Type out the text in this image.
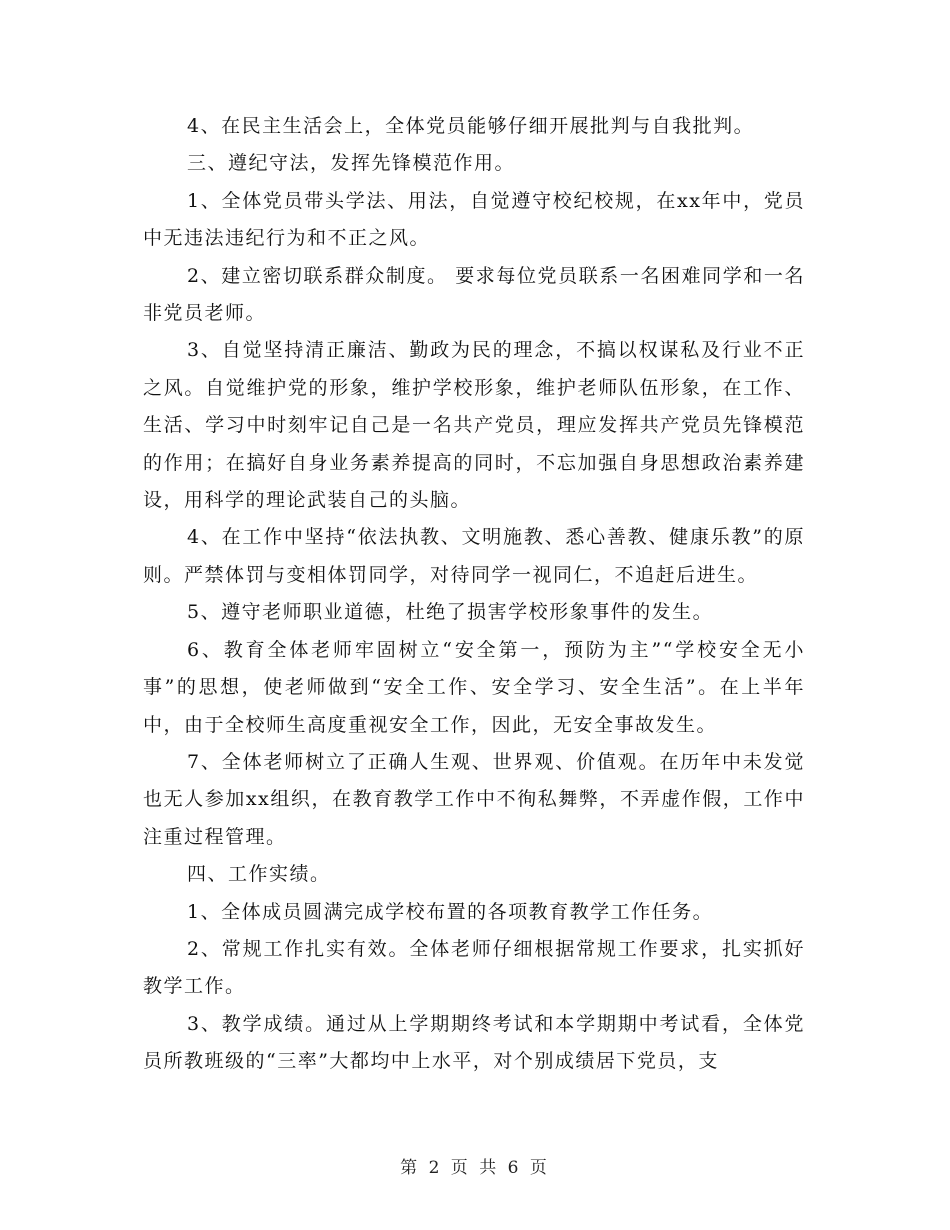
4、在民主生活会上，全体党员能够仔细开展批判与自我批判。

三、遵纪守法，发挥先锋模范作用。

1、全体党员带头学法、用法，自觉遵守校纪校规，在xx年中，党员中无违法违纪行为和不正之风。

2、建立密切联系群众制度。 要求每位党员联系一名困难同学和一名非党员老师。

3、自觉坚持清正廉洁、勤政为民的理念，不搞以权谋私及行业不正之风。自觉维护党的形象，维护学校形象，维护老师队伍形象，在工作、生活、学习中时刻牢记自己是一名共产党员，理应发挥共产党员先锋模范的作用；在搞好自身业务素养提高的同时，不忘加强自身思想政治素养建设，用科学的理论武装自己的头脑。

4、在工作中坚持“依法执教、文明施教、悉心善教、健康乐教”的原则。严禁体罚与变相体罚同学，对待同学一视同仁，不追赶后进生。

5、遵守老师职业道德，杜绝了损害学校形象事件的发生。

6、教育全体老师牢固树立“安全第一，预防为主”“学校安全无小事”的思想，使老师做到“安全工作、安全学习、安全生活”。在上半年中，由于全校师生高度重视安全工作，因此，无安全事故发生。

7、全体老师树立了正确人生观、世界观、价值观。在历年中未发觉也无人参加xx组织，在教育教学工作中不徇私舞弊，不弄虚作假，工作中注重过程管理。

四、工作实绩。

1、全体成员圆满完成学校布置的各项教育教学工作任务。

2、常规工作扎实有效。全体老师仔细根据常规工作要求，扎实抓好教学工作。

3、教学成绩。通过从上学期期终考试和本学期期中考试看，全体党员所教班级的“三率”大都均中上水平，对个别成绩居下党员，支

第 2 页 共 6 页
